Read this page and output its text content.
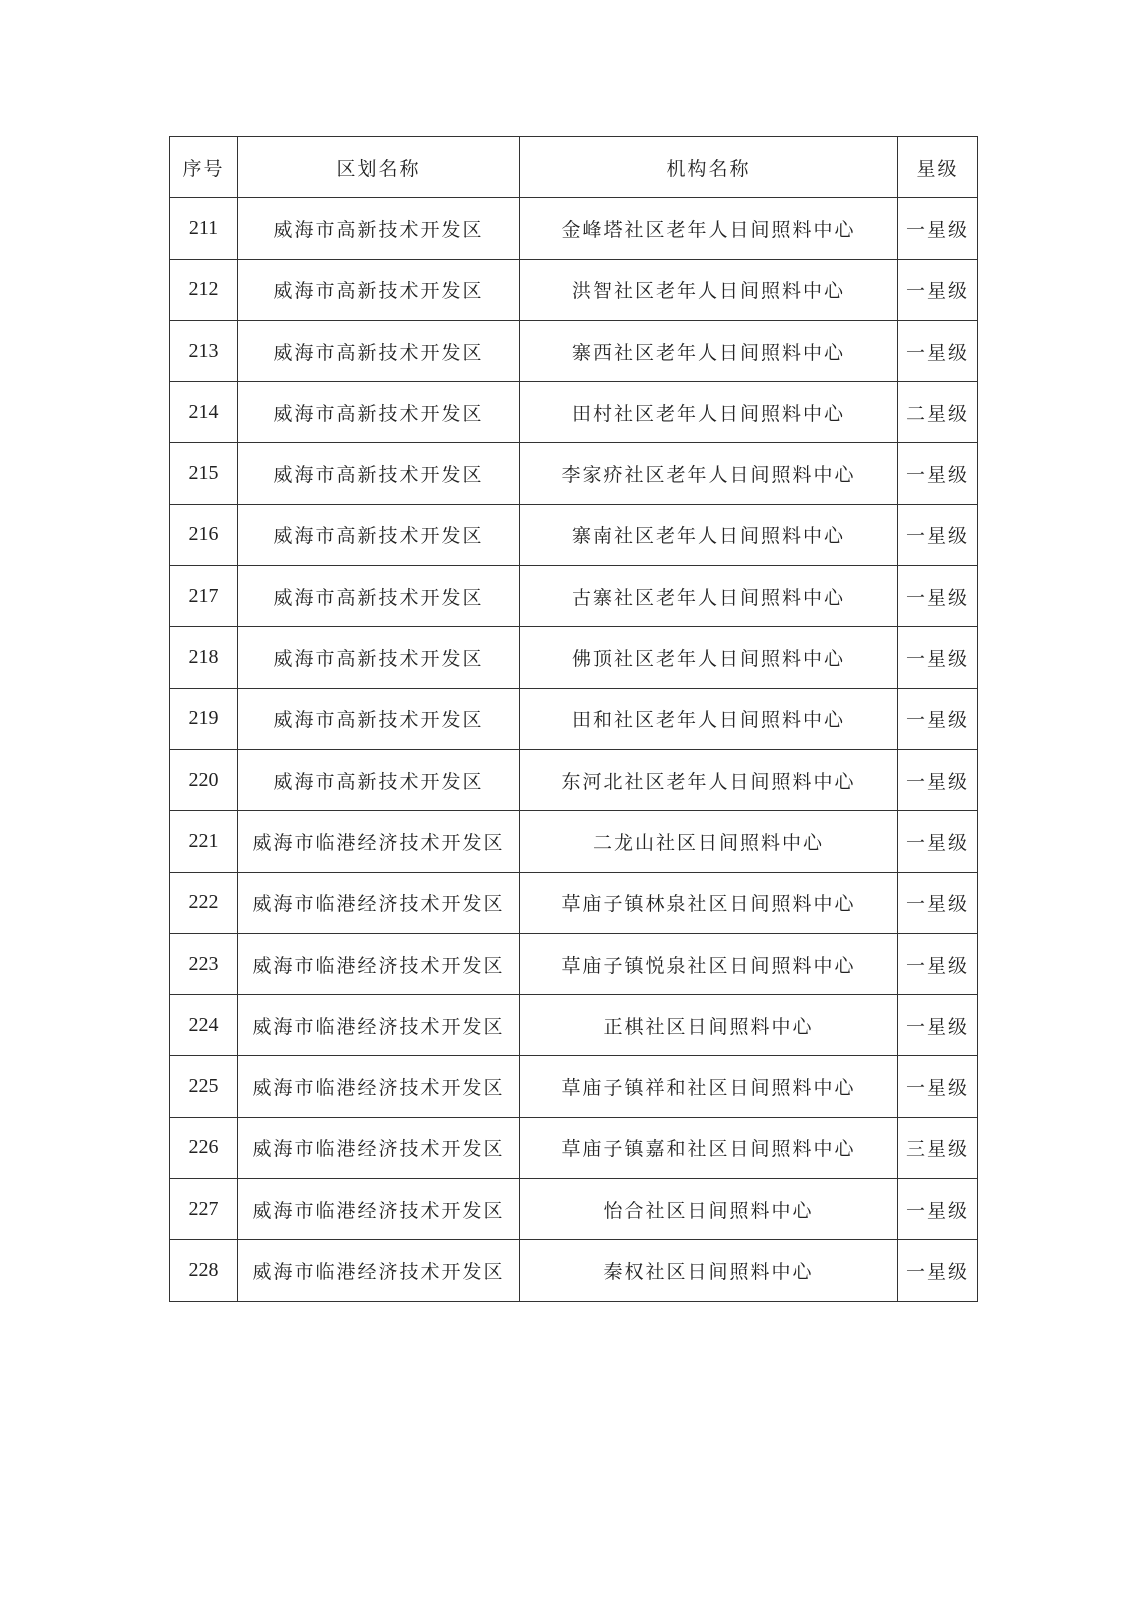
序号	区划名称	机构名称	星级
211	威海市高新技术开发区	金峰塔社区老年人日间照料中心	一星级
212	威海市高新技术开发区	洪智社区老年人日间照料中心	一星级
213	威海市高新技术开发区	寨西社区老年人日间照料中心	一星级
214	威海市高新技术开发区	田村社区老年人日间照料中心	二星级
215	威海市高新技术开发区	李家疥社区老年人日间照料中心	一星级
216	威海市高新技术开发区	寨南社区老年人日间照料中心	一星级
217	威海市高新技术开发区	古寨社区老年人日间照料中心	一星级
218	威海市高新技术开发区	佛顶社区老年人日间照料中心	一星级
219	威海市高新技术开发区	田和社区老年人日间照料中心	一星级
220	威海市高新技术开发区	东河北社区老年人日间照料中心	一星级
221	威海市临港经济技术开发区	二龙山社区日间照料中心	一星级
222	威海市临港经济技术开发区	草庙子镇林泉社区日间照料中心	一星级
223	威海市临港经济技术开发区	草庙子镇悦泉社区日间照料中心	一星级
224	威海市临港经济技术开发区	正棋社区日间照料中心	一星级
225	威海市临港经济技术开发区	草庙子镇祥和社区日间照料中心	一星级
226	威海市临港经济技术开发区	草庙子镇嘉和社区日间照料中心	三星级
227	威海市临港经济技术开发区	怡合社区日间照料中心	一星级
228	威海市临港经济技术开发区	秦权社区日间照料中心	一星级
